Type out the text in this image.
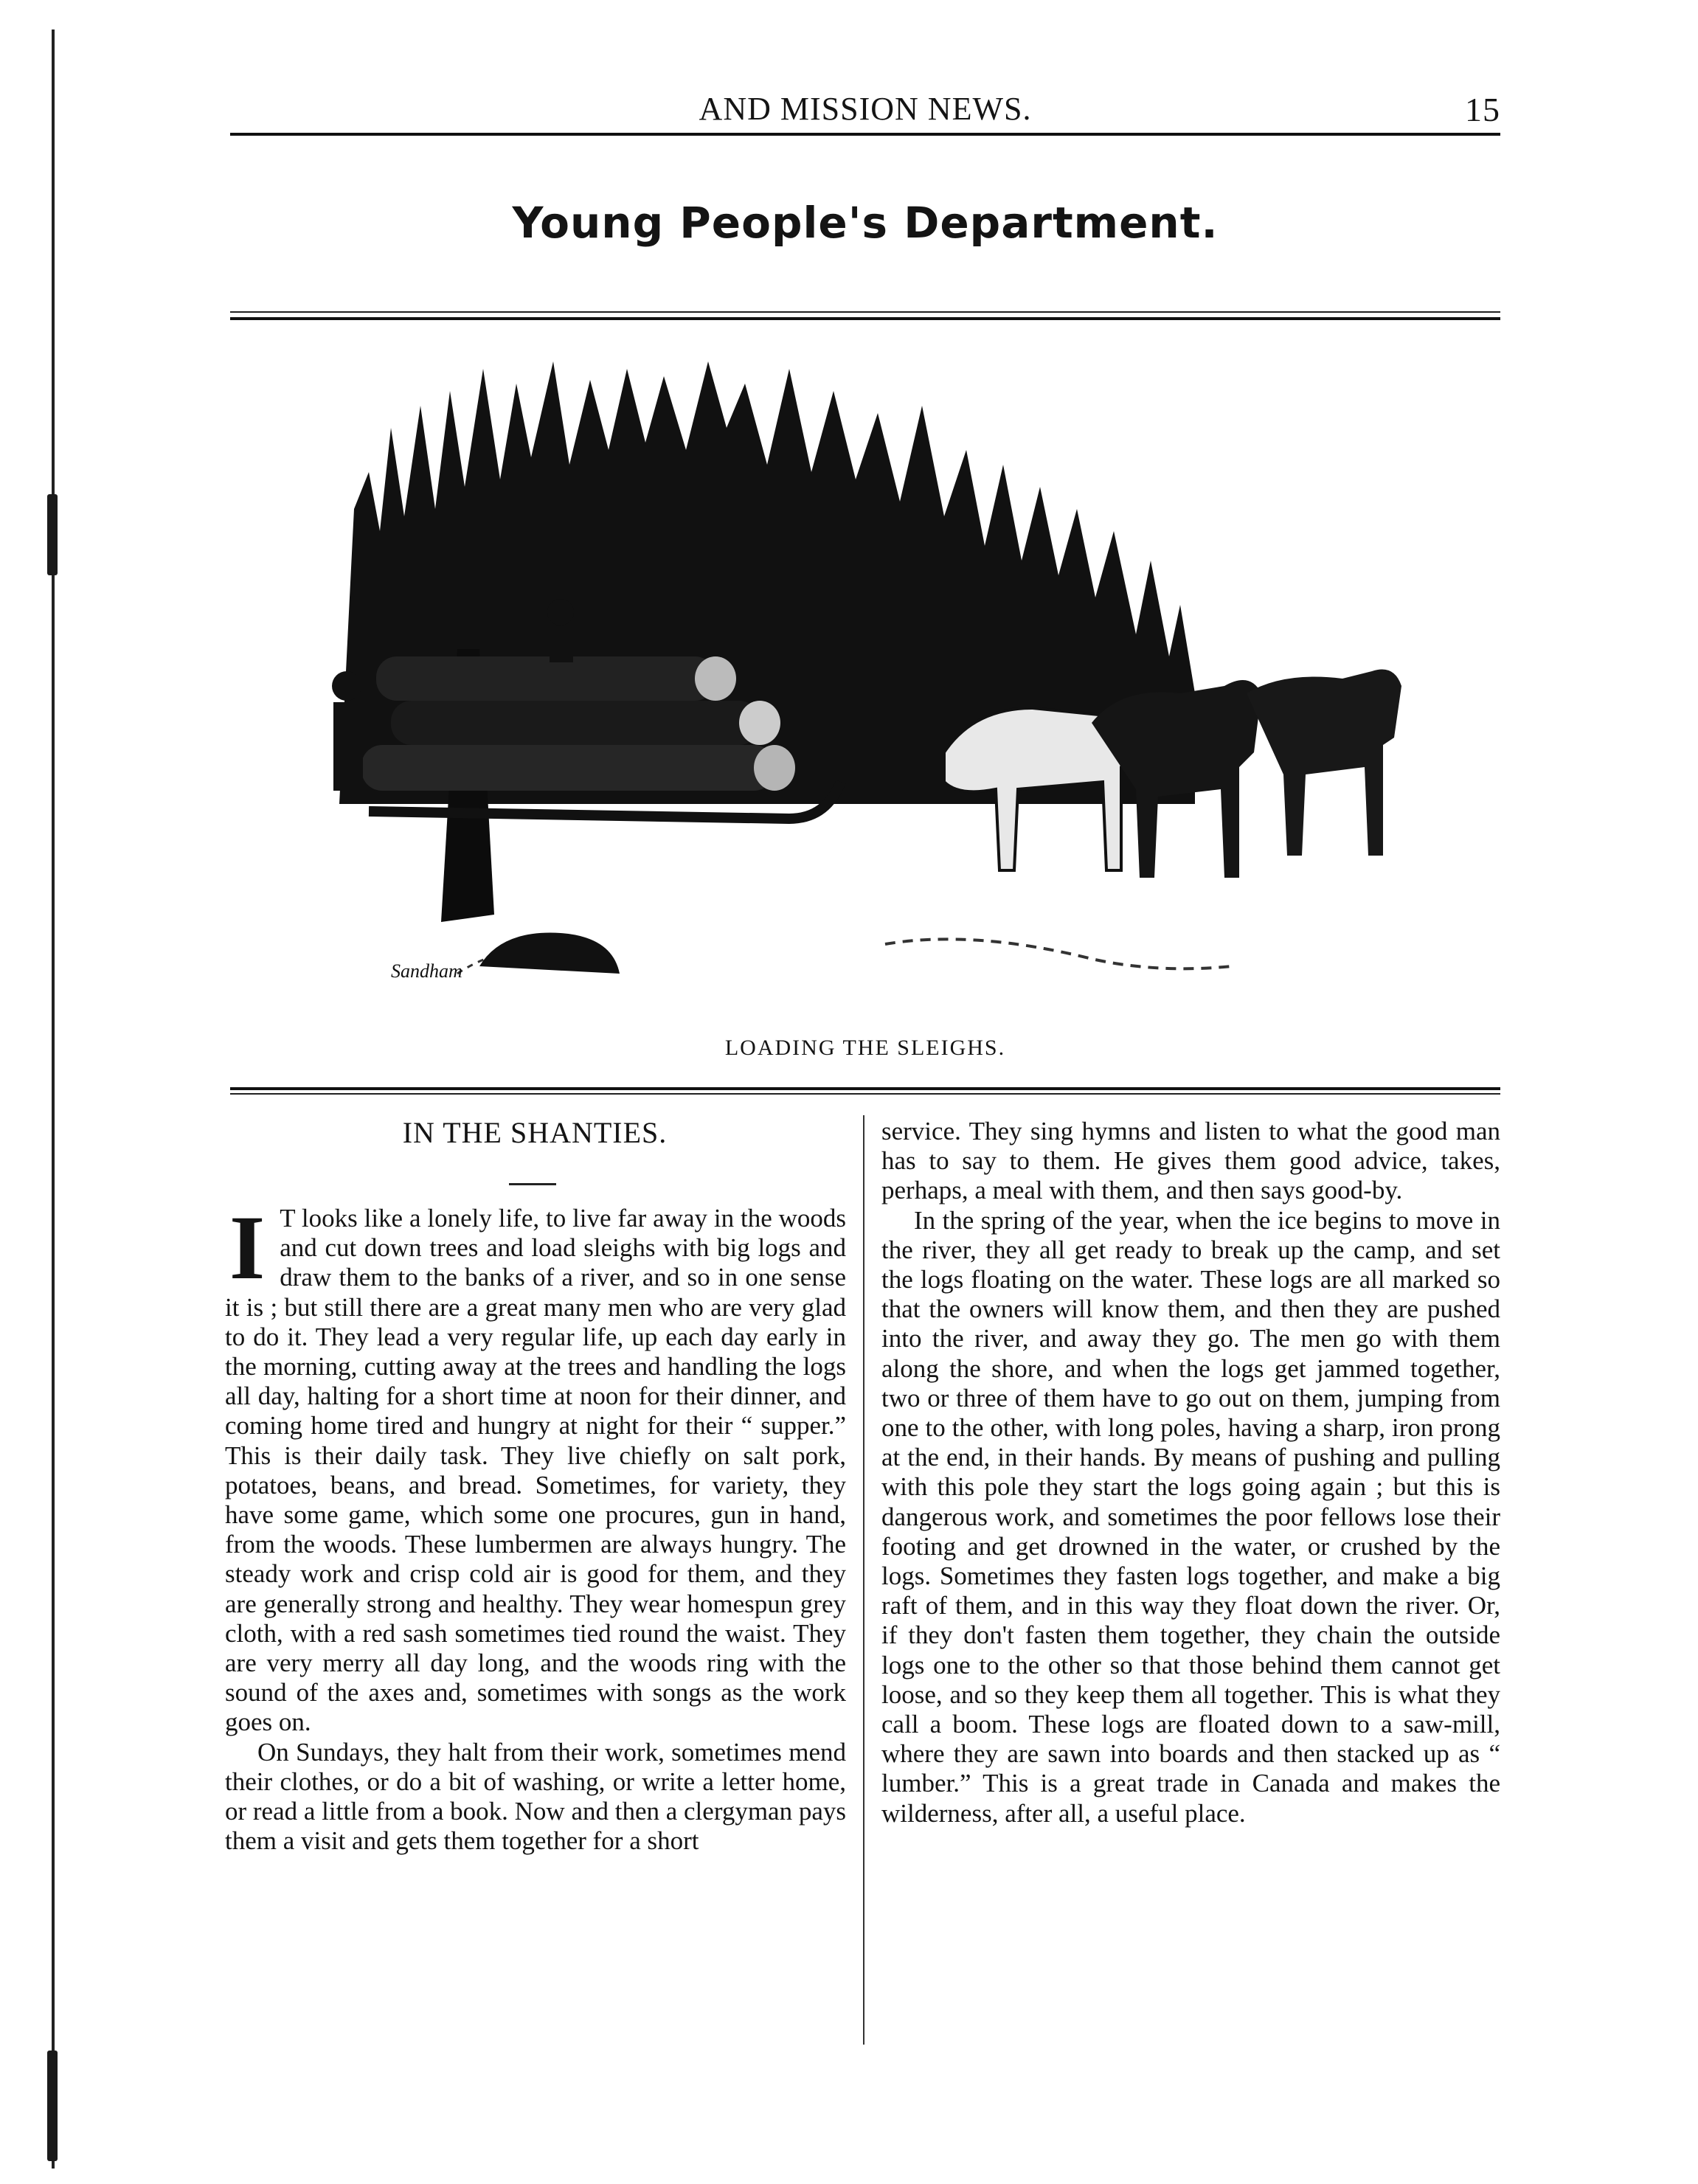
AND MISSION NEWS.	15
Young People's Department.
Sandham
LOADING THE SLEIGHS.
IN THE SHANTIES.

I T looks like a lonely life, to live far away in the woods and cut down trees and load sleighs with big logs and draw them to the banks of a river, and so in one sense it is ; but still there are a great many men who are very glad to do it. They lead a very regular life, up each day early in the morning, cutting away at the trees and handling the logs all day, halting for a short time at noon for their dinner, and coming home tired and hungry at night for their “ supper.” This is their daily task. They live chiefly on salt pork, potatoes, beans, and bread. Sometimes, for variety, they have some game, which some one procures, gun in hand, from the woods. These lumbermen are always hungry. The steady work and crisp cold air is good for them, and they are generally strong and healthy. They wear homespun grey cloth, with a red sash sometimes tied round the waist. They are very merry all day long, and the woods ring with the sound of the axes and, sometimes with songs as the work goes on.

On Sundays, they halt from their work, sometimes mend their clothes, or do a bit of washing, or write a letter home, or read a little from a book. Now and then a clergyman pays them a visit and gets them together for a short

service. They sing hymns and listen to what the good man has to say to them. He gives them good advice, takes, perhaps, a meal with them, and then says good-by.

In the spring of the year, when the ice begins to move in the river, they all get ready to break up the camp, and set the logs floating on the water. These logs are all marked so that the owners will know them, and then they are pushed into the river, and away they go. The men go with them along the shore, and when the logs get jammed together, two or three of them have to go out on them, jumping from one to the other, with long poles, having a sharp, iron prong at the end, in their hands. By means of pushing and pulling with this pole they start the logs going again ; but this is dangerous work, and sometimes the poor fellows lose their footing and get drowned in the water, or crushed by the logs. Sometimes they fasten logs together, and make a big raft of them, and in this way they float down the river. Or, if they don't fasten them together, they chain the outside logs one to the other so that those behind them cannot get loose, and so they keep them all together. This is what they call a boom. These logs are floated down to a saw-mill, where they are sawn into boards and then stacked up as “ lumber.” This is a great trade in Canada and makes the wilderness, after all, a useful place.
